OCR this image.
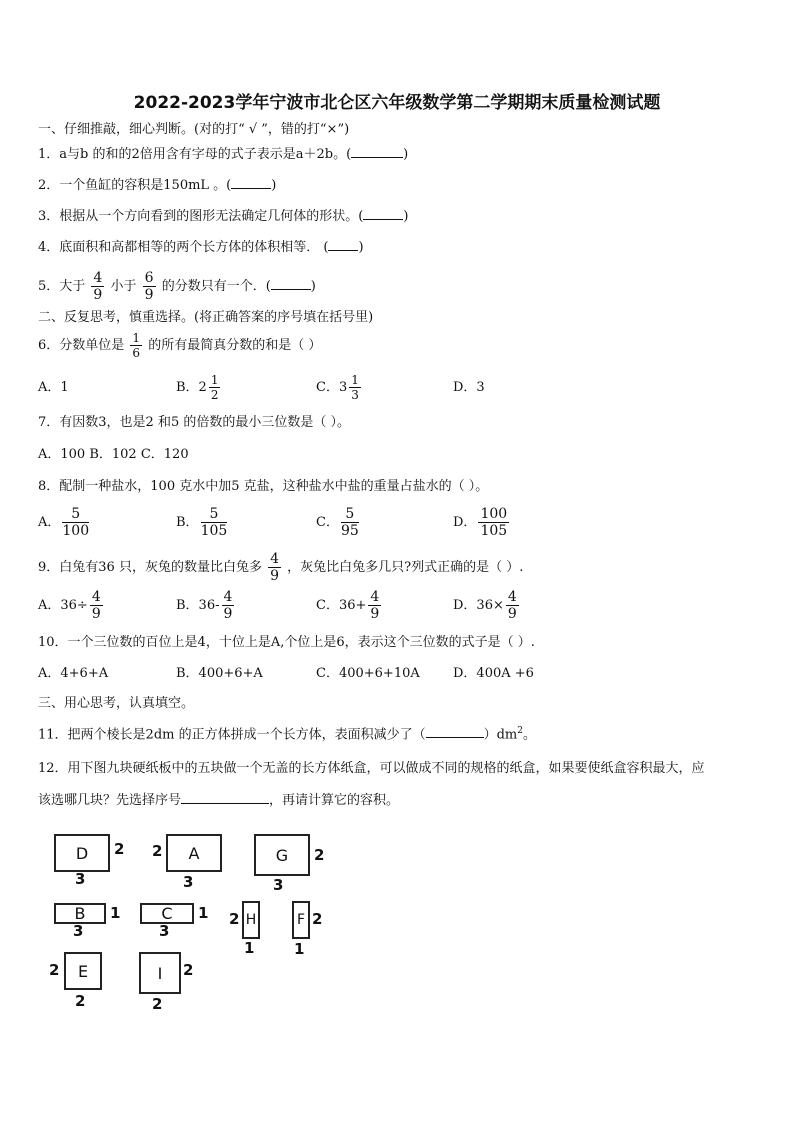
2022-2023学年宁波市北仑区六年级数学第二学期期末质量检测试题
一、仔细推敲，细心判断。(对的打“ √ ”，错的打“×”)
1．a与b 的和的2倍用含有字母的式子表示是a＋2b。(	)
2．一个鱼缸的容积是150mL 。(	)
3．根据从一个方向看到的图形无法确定几何体的形状。(	)
4．底面积和高都相等的两个长方体的体积相等． ( )
5．大于 $\frac{4}{9}$ 小于 $\frac{6}{9}$ 的分数只有一个．(	)
二、反复思考，慎重选择。(将正确答案的序号填在括号里)
6．分数单位是 $\frac{1}{6}$ 的所有最简真分数的和是（ ）
A．1	B．$2 \frac{1}{2}$	C．$3 \frac{1}{3}$	D．3
7．有因数3，也是2 和5 的倍数的最小三位数是（ ）。
A．100 B．102 C．120
8．配制一种盐水，100 克水中加5 克盐，这种盐水中盐的重量占盐水的（ ）。
A． $\frac{5}{100}$	B． $\frac{5}{105}$	C． $\frac{5}{95}$	D． $\frac{100}{105}$
9．白兔有36 只，灰兔的数量比白兔多 $\frac{4}{9}$ ，灰兔比白兔多几只?列式正确的是（ ）.
A．$36\div \frac{4}{9}$	B．$36- \frac{4}{9}$	C．$36+ \frac{4}{9}$	D．$36\times \frac{4}{9}$
10．一个三位数的百位上是4，十位上是A,个位上是6，表示这个三位数的式子是（ ）.
A．4+6+A	B．400+6+A	C．400+6+10A	D．400A +6
三、用心思考，认真填空。
11．把两个棱长是2dm 的正方体拼成一个长方体，表面积减少了（	）$dm^2$。
12．用下图九块硬纸板中的五块做一个无盖的长方体纸盒，可以做成不同的规格的纸盒，如果要使纸盒容积最大，应
该选哪几块？先选择序号	，再请计算它的容积。
D	2
3
A
2
3
G	2
3
B	1
3
C	1
3
H
2
1
F 2
1
E
2
2
I	2
2
